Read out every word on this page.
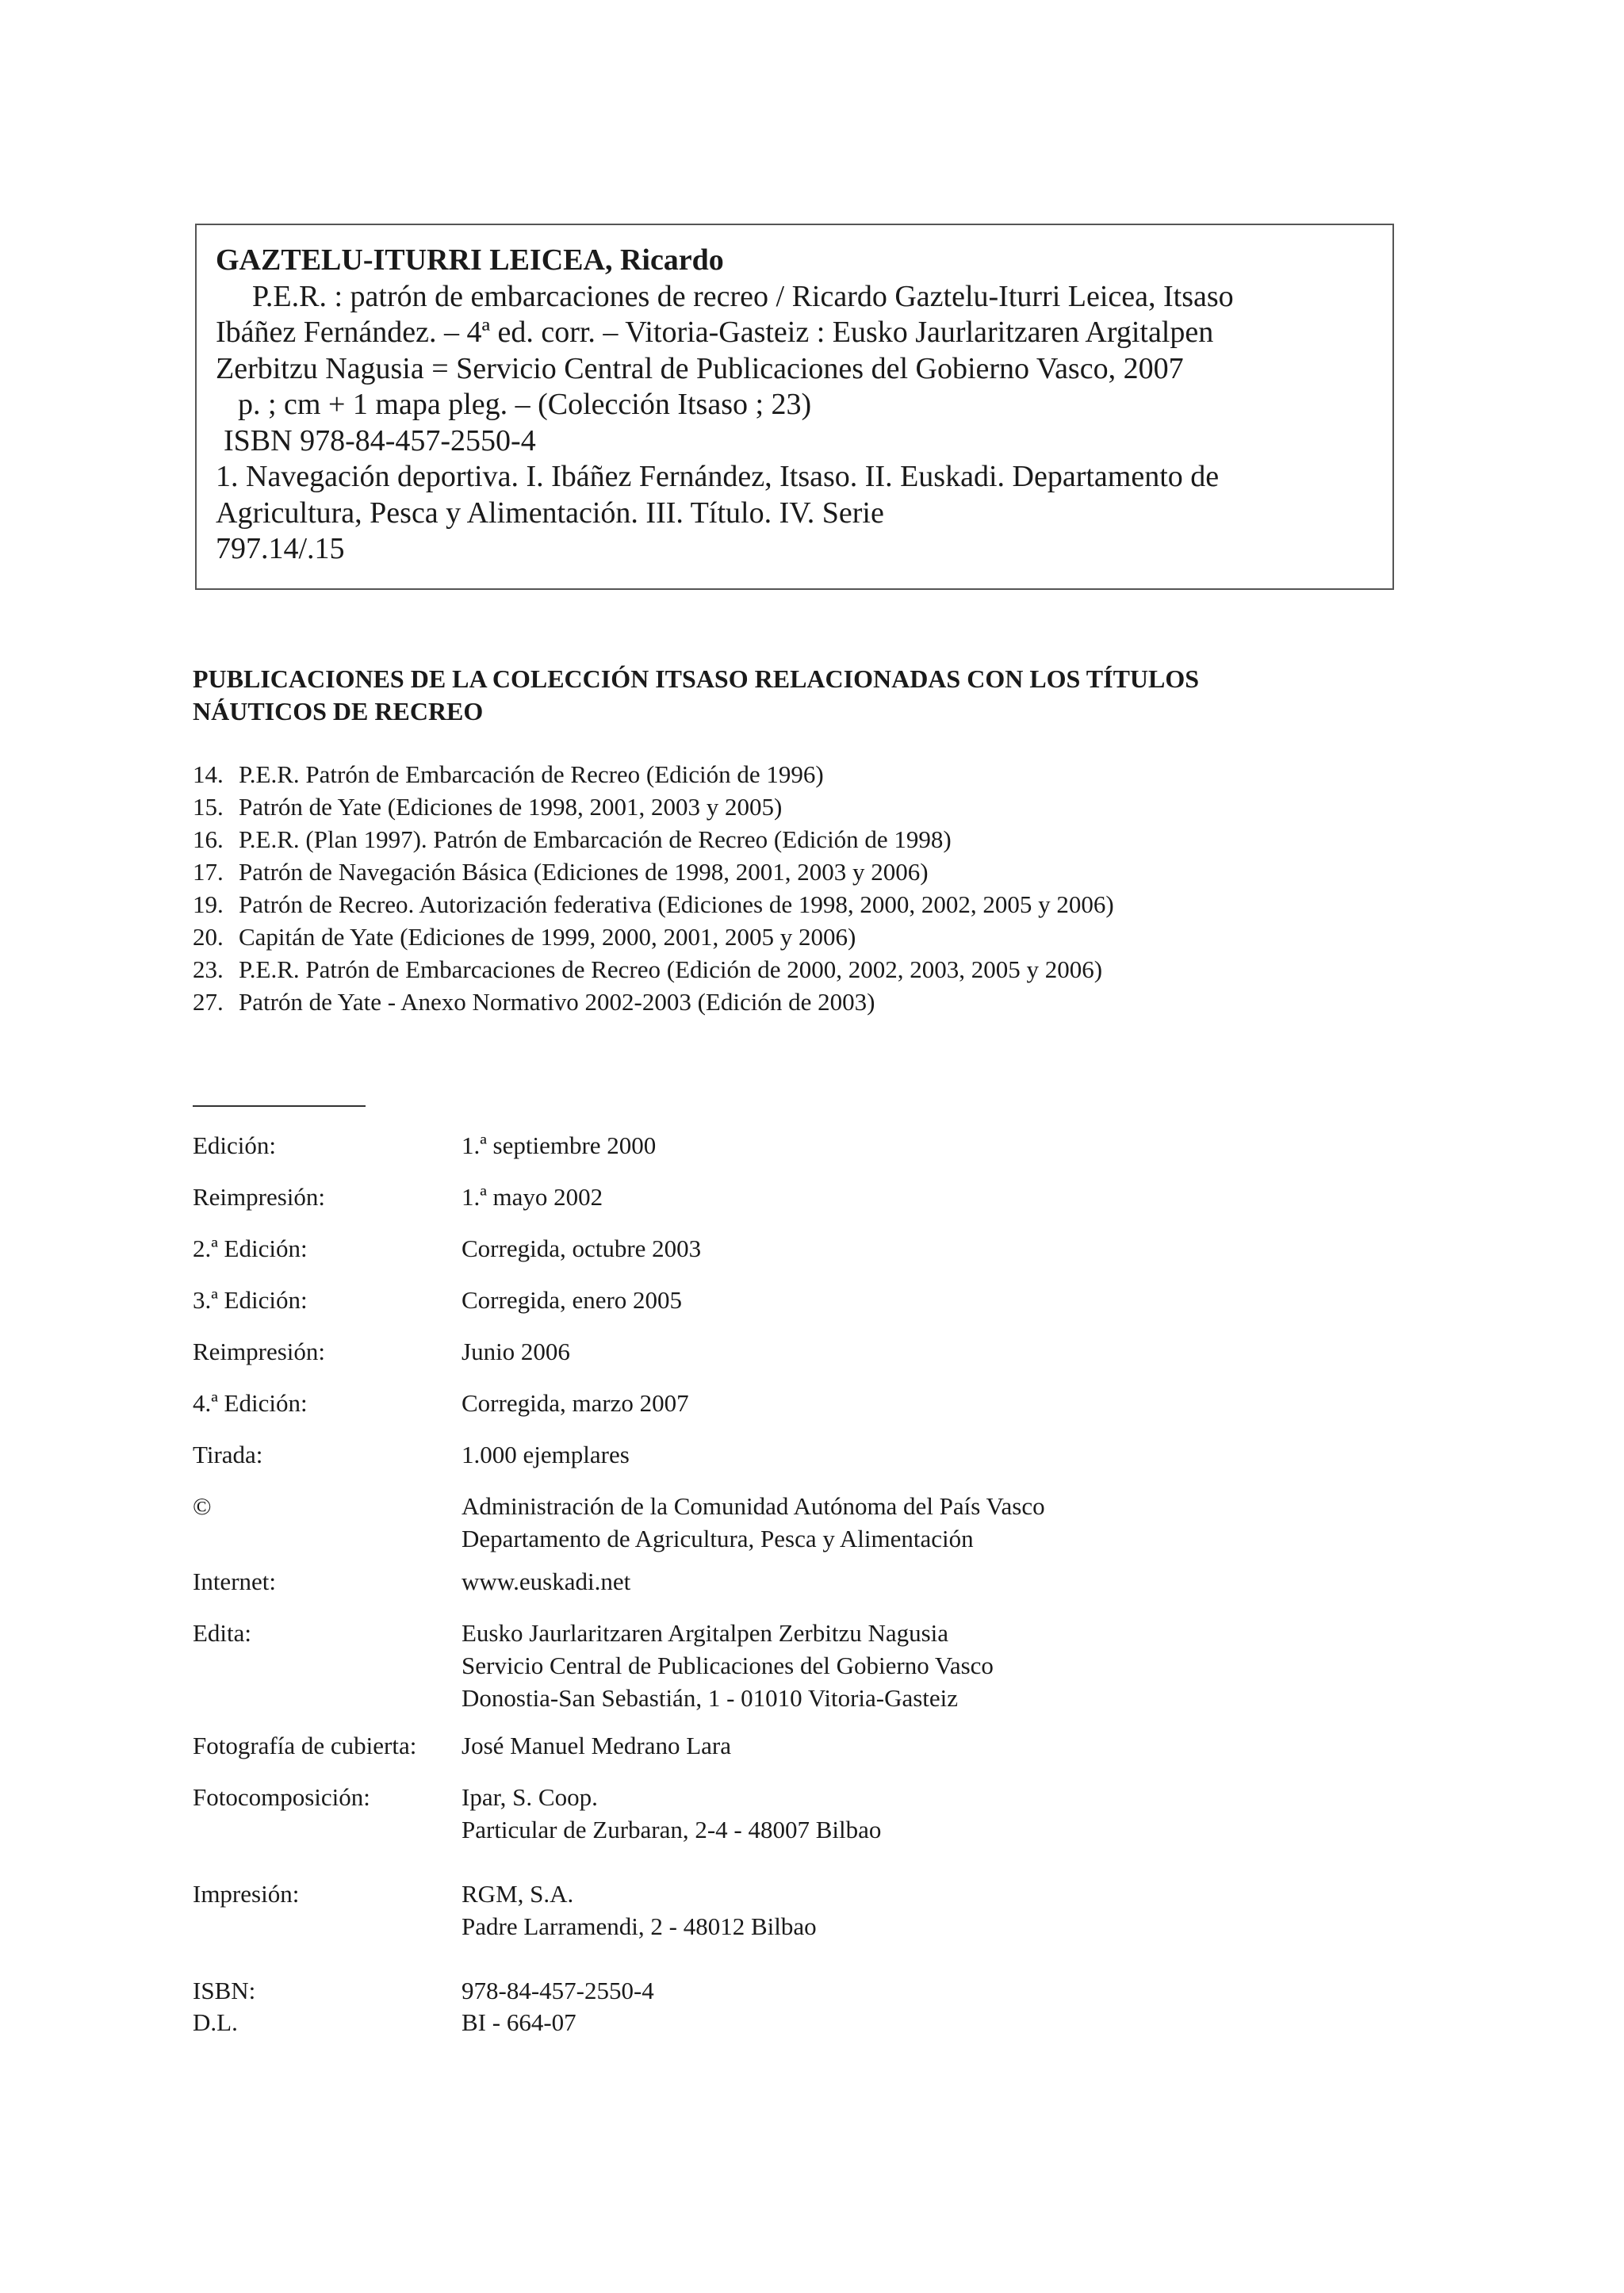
GAZTELU-ITURRI LEICEA, Ricardo
P.E.R. : patrón de embarcaciones de recreo / Ricardo Gaztelu-Iturri Leicea, Itsaso
Ibáñez Fernández. – 4ª ed. corr. – Vitoria-Gasteiz : Eusko Jaurlaritzaren Argitalpen
Zerbitzu Nagusia = Servicio Central de Publicaciones del Gobierno Vasco, 2007
p. ; cm + 1 mapa pleg. – (Colección Itsaso ; 23)
ISBN 978-84-457-2550-4
1. Navegación deportiva. I. Ibáñez Fernández, Itsaso. II. Euskadi. Departamento de
Agricultura, Pesca y Alimentación. III. Título. IV. Serie
797.14/.15
PUBLICACIONES DE LA COLECCIÓN ITSASO RELACIONADAS CON LOS TÍTULOS
NÁUTICOS DE RECREO
14. P.E.R. Patrón de Embarcación de Recreo (Edición de 1996)
15. Patrón de Yate (Ediciones de 1998, 2001, 2003 y 2005)
16. P.E.R. (Plan 1997). Patrón de Embarcación de Recreo (Edición de 1998)
17. Patrón de Navegación Básica (Ediciones de 1998, 2001, 2003 y 2006)
19. Patrón de Recreo. Autorización federativa (Ediciones de 1998, 2000, 2002, 2005 y 2006)
20. Capitán de Yate (Ediciones de 1999, 2000, 2001, 2005 y 2006)
23. P.E.R. Patrón de Embarcaciones de Recreo (Edición de 2000, 2002, 2003, 2005 y 2006)
27. Patrón de Yate - Anexo Normativo 2002-2003 (Edición de 2003)
Edición:	1.ª septiembre 2000
Reimpresión:	1.ª mayo 2002
2.ª Edición:	Corregida, octubre 2003
3.ª Edición:	Corregida, enero 2005
Reimpresión:	Junio 2006
4.ª Edición:	Corregida, marzo 2007
Tirada:	1.000 ejemplares
©	Administración de la Comunidad Autónoma del País Vasco
Departamento de Agricultura, Pesca y Alimentación
Internet:	www.euskadi.net
Edita:	Eusko Jaurlaritzaren Argitalpen Zerbitzu Nagusia
Servicio Central de Publicaciones del Gobierno Vasco
Donostia-San Sebastián, 1 - 01010 Vitoria-Gasteiz
Fotografía de cubierta: José Manuel Medrano Lara
Fotocomposición:	Ipar, S. Coop.
Particular de Zurbaran, 2-4 - 48007 Bilbao
Impresión:	RGM, S.A.
Padre Larramendi, 2 - 48012 Bilbao
ISBN:	978-84-457-2550-4
D.L.	BI - 664-07
